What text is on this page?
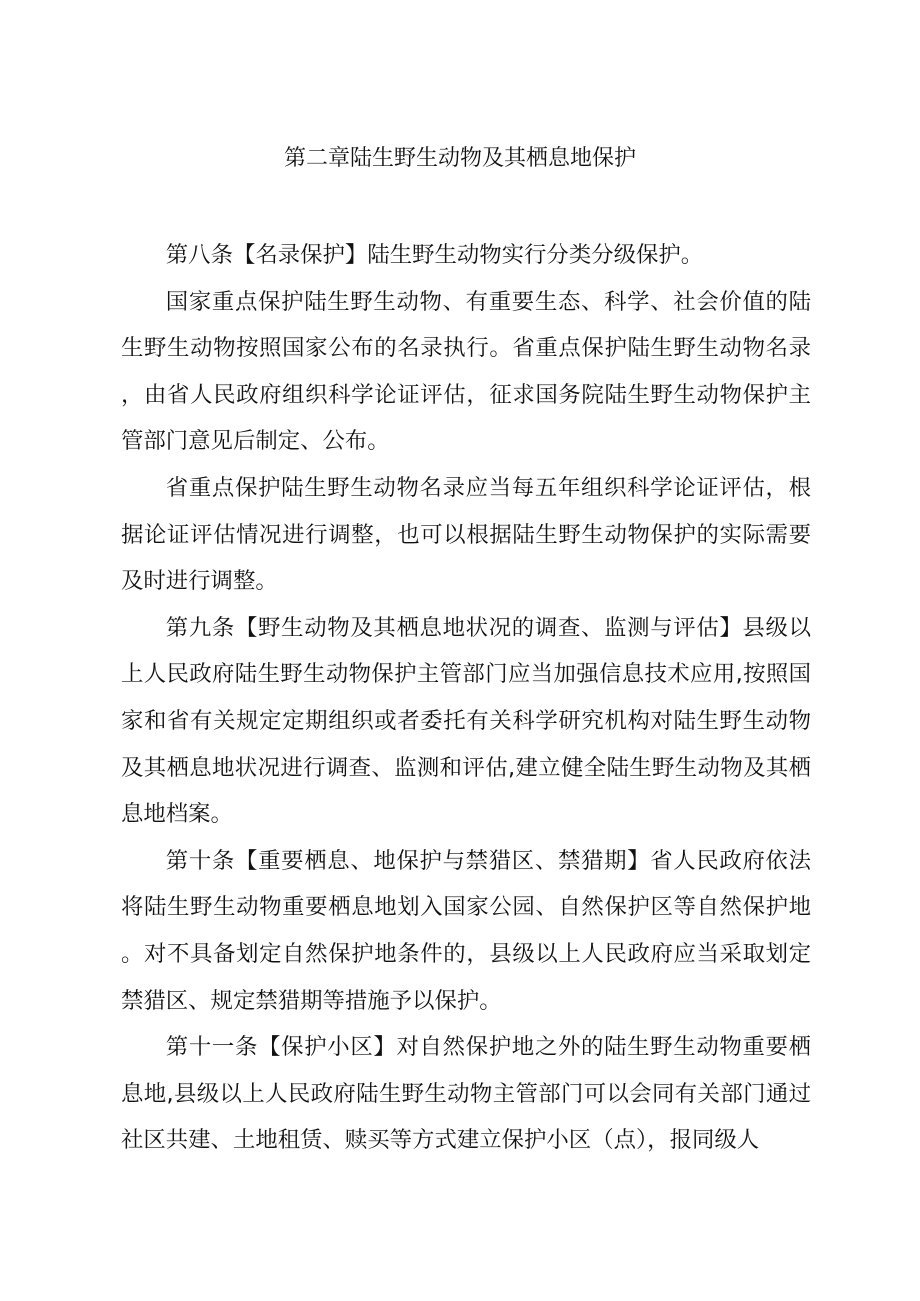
第二章陆生野生动物及其栖息地保护

第八条【名录保护】陆生野生动物实行分类分级保护。

国家重点保护陆生野生动物、有重要生态、科学、社会价值的陆生野生动物按照国家公布的名录执行。省重点保护陆生野生动物名录，由省人民政府组织科学论证评估，征求国务院陆生野生动物保护主管部门意见后制定、公布。

省重点保护陆生野生动物名录应当每五年组织科学论证评估，根据论证评估情况进行调整，也可以根据陆生野生动物保护的实际需要及时进行调整。

第九条【野生动物及其栖息地状况的调查、监测与评估】县级以上人民政府陆生野生动物保护主管部门应当加强信息技术应用,按照国家和省有关规定定期组织或者委托有关科学研究机构对陆生野生动物及其栖息地状况进行调查、监测和评估,建立健全陆生野生动物及其栖息地档案。

第十条【重要栖息、地保护与禁猎区、禁猎期】省人民政府依法将陆生野生动物重要栖息地划入国家公园、自然保护区等自然保护地。对不具备划定自然保护地条件的，县级以上人民政府应当采取划定禁猎区、规定禁猎期等措施予以保护。

第十一条【保护小区】对自然保护地之外的陆生野生动物重要栖息地,县级以上人民政府陆生野生动物主管部门可以会同有关部门通过社区共建、土地租赁、赎买等方式建立保护小区（点），报同级人
